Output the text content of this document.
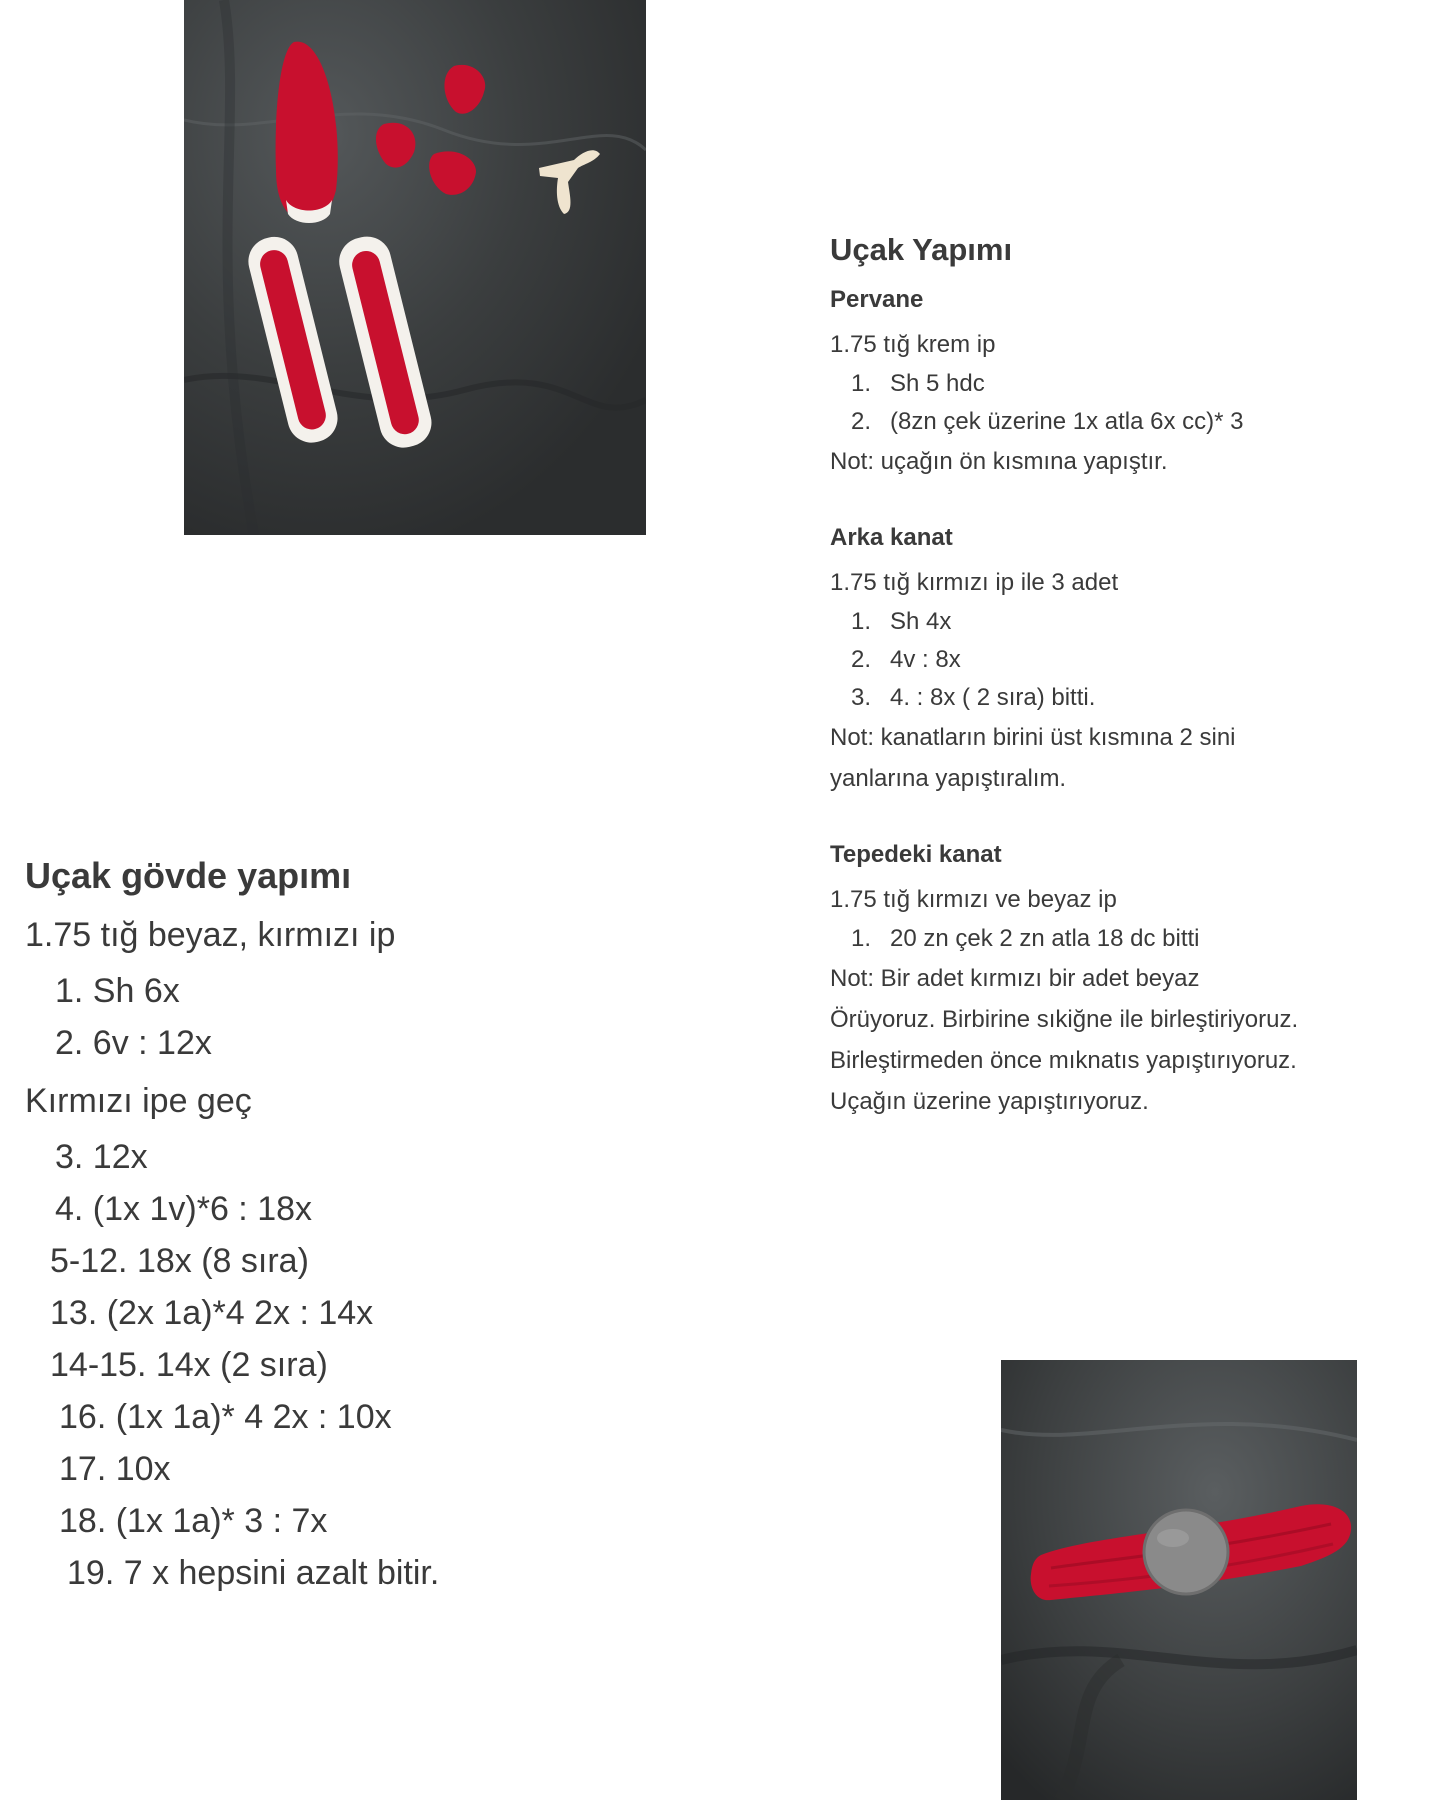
Uçak Yapımı
Pervane

1.75 tığ krem ip

1. Sh 5 hdc

2. (8zn çek üzerine 1x atla 6x cc)* 3

Not: uçağın ön kısmına yapıştır.

Arka kanat

1.75 tığ kırmızı ip ile 3 adet

1. Sh 4x

2. 4v : 8x

3. 4. : 8x ( 2 sıra) bitti.

Not: kanatların birini üst kısmına 2 sini

yanlarına yapıştıralım.

Tepedeki kanat

1.75 tığ kırmızı ve beyaz ip

1. 20 zn çek 2 zn atla 18 dc bitti

Not: Bir adet kırmızı bir adet beyaz

Örüyoruz. Birbirine sıkiğne ile birleştiriyoruz.

Birleştirmeden önce mıknatıs yapıştırıyoruz.

Uçağın üzerine yapıştırıyoruz.

Uçak gövde yapımı

1.75 tığ beyaz, kırmızı ip

1. Sh 6x

2. 6v : 12x

Kırmızı ipe geç

3. 12x

4. (1x 1v)*6 : 18x

5-12. 18x (8 sıra)

13. (2x 1a)*4 2x : 14x

14-15. 14x (2 sıra)

16. (1x 1a)* 4 2x : 10x

17. 10x

18. (1x 1a)* 3 : 7x

19. 7 x hepsini azalt bitir.
